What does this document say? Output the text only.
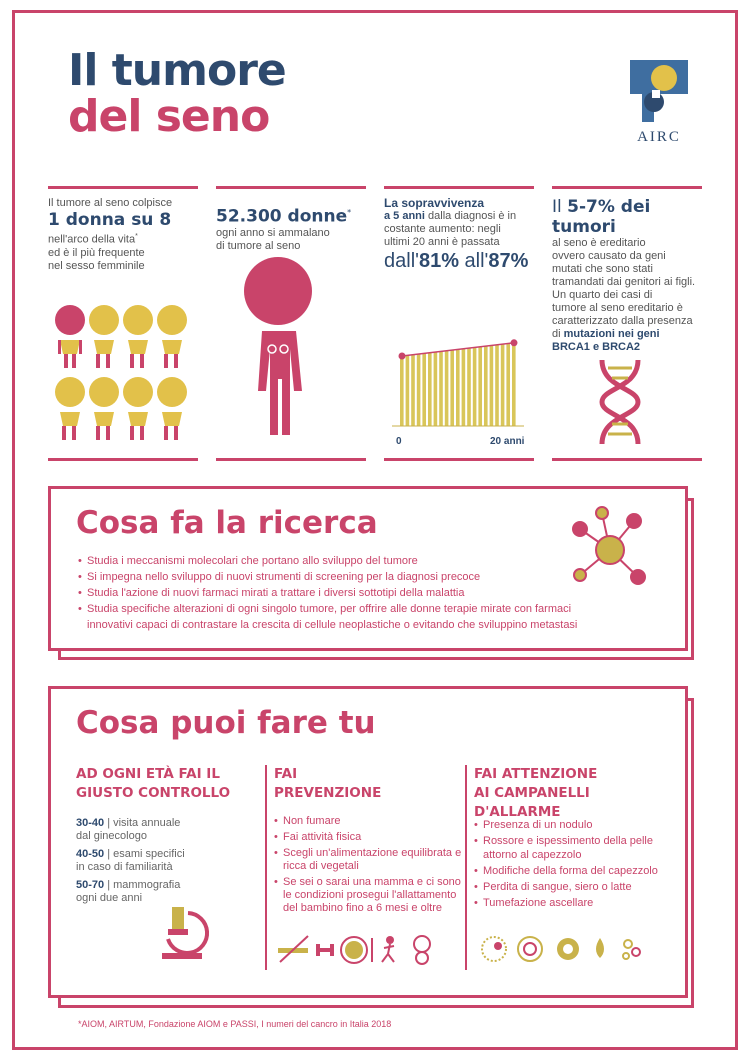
Il tumore
del seno	AIRC
Il tumore al seno colpisce
1 donna su 8
nell'arco della vita*
ed è il più frequente
nel sesso femminile
52.300 donne*
ogni anno si ammalano
di tumore al seno
La sopravvivenza
a 5 anni dalla diagnosi è in
costante aumento: negli
ultimi 20 anni è passata
dall'81% all'87%
0	20 anni
Il 5-7% dei tumori
al seno è ereditario
ovvero causato da geni
mutati che sono stati
tramandati dai genitori ai figli.
Un quarto dei casi di
tumore al seno ereditario è
caratterizzato dalla presenza
di mutazioni nei geni
BRCA1 e BRCA2
Cosa fa la ricerca
• Studia i meccanismi molecolari che portano allo sviluppo del tumore
• Si impegna nello sviluppo di nuovi strumenti di screening per la diagnosi precoce
• Studia l'azione di nuovi farmaci mirati a trattare i diversi sottotipi della malattia
• Studia specifiche alterazioni di ogni singolo tumore, per offrire alle donne terapie mirate con farmaci innovativi capaci di contrastare la crescita di cellule neoplastiche o evitando che sviluppino metastasi
Cosa puoi fare tu
AD OGNI ETÀ FAI IL
GIUSTO CONTROLLO
30-40 | visita annuale
dal ginecologo
40-50 | esami specifici
in caso di familiarità
50-70 | mammografia
ogni due anni
FAI
PREVENZIONE
• Non fumare
• Fai attività fisica
• Scegli un'alimentazione equilibrata e ricca di vegetali
• Se sei o sarai una mamma e ci sono le condizioni prosegui l'allattamento del bambino fino a 6 mesi e oltre
FAI ATTENZIONE
AI CAMPANELLI D'ALLARME
• Presenza di un nodulo
• Rossore e ispessimento della pelle attorno al capezzolo
• Modifiche della forma del capezzolo
• Perdita di sangue, siero o latte
• Tumefazione ascellare
*AIOM, AIRTUM, Fondazione AIOM e PASSI, I numeri del cancro in Italia 2018
